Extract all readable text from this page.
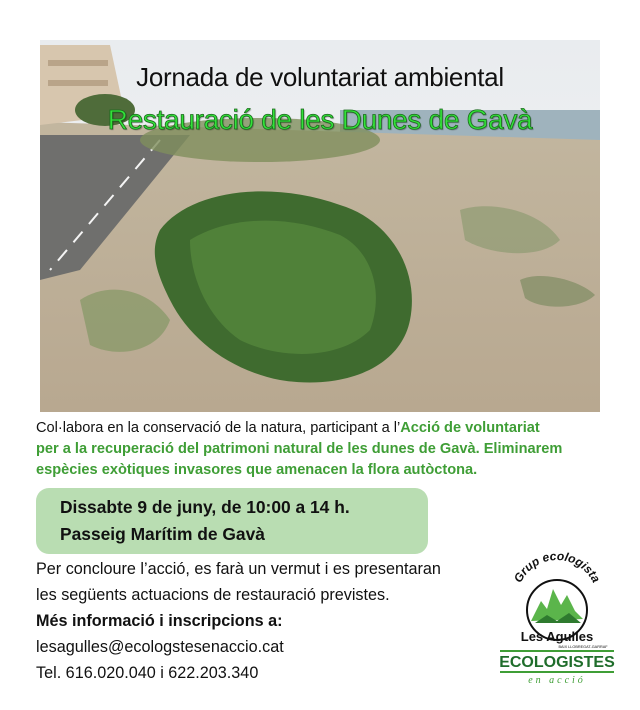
Jornada de voluntariat ambiental
Restauració de les Dunes de Gavà
Col·labora en la conservació de la natura, participant a l’Acció de voluntariat
per a la recuperació del patrimoni natural de les dunes de Gavà. Eliminarem
espècies exòtiques invasores que amenacen la flora autòctona.
Dissabte 9 de juny, de 10:00 a 14 h.
Passeig Marítim de Gavà
Per concloure l’acció, es farà un vermut i es presentaran
les següents actuacions de restauració previstes.
Més informació i inscripcions a:
lesagulles@ecologstesenaccio.cat
Tel. 616.020.040 i 622.203.340
Grup ecologista
Les Agulles
BAIX LLOBREGAT-GARRAF
ECOLOGISTES
en acció
